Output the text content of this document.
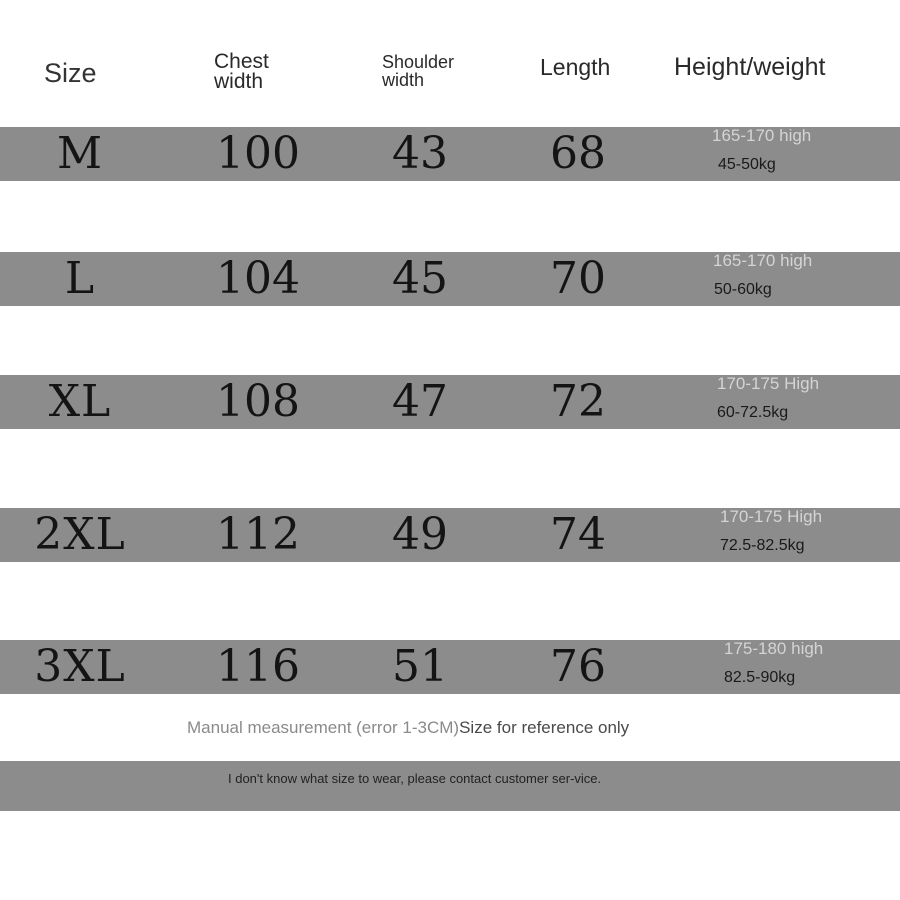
Size	Chest
width
Shoulder
width	Length	Height/weight
M	100	43	68	165-170 high
45-50kg
L	104	45	70	165-170 high
50-60kg
XL	108	47	72	170-175 High
60-72.5kg
2XL	112	49	74	170-175 High
72.5-82.5kg
3XL	116	51	76	175-180 high
82.5-90kg
Manual measurement (error 1-3CM)Size for reference only
I don't know what size to wear, please contact customer ser-vice.
